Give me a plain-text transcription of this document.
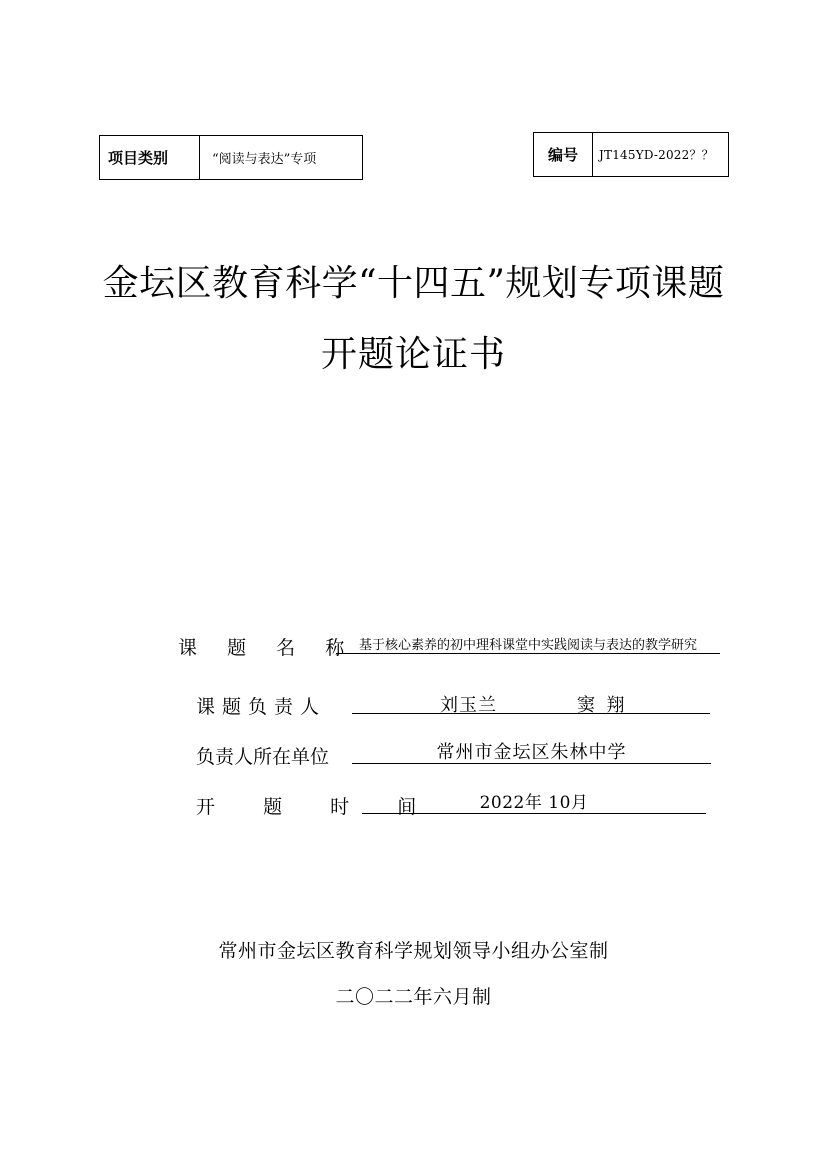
项目类别	“阅读与表达”专项	编号	JT145YD-2022？？
金坛区教育科学“十四五”规划专项课题
开题论证书
课  题  名  称 基于核心素养的初中理科课堂中实践阅读与表达的教学研究
课题负责人	刘玉兰	窦  翔
负责人所在单位	常州市金坛区朱林中学
开  题  时  间	2022年 10月
常州市金坛区教育科学规划领导小组办公室制
二〇二二年六月制
